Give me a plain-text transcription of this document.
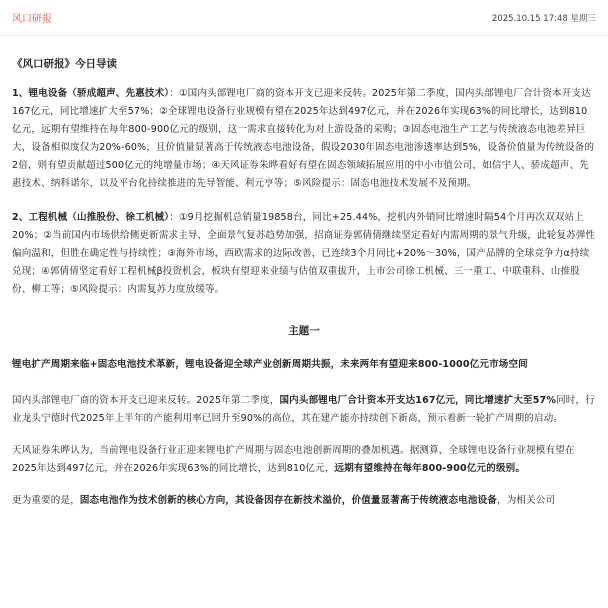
风口研报	2025.10.15 17:48 星期三
《风口研报》今日导读

1、锂电设备（骄成超声、先惠技术）：①国内头部锂电厂商的资本开支已迎来反转。2025年第二季度，国内头部锂电厂合计资本开支达167亿元，同比增速扩大至57%；②全球锂电设备行业规模有望在2025年达到497亿元，并在2026年实现63%的同比增长，达到810亿元，远期有望维持在每年800-900亿元的级别，这一需求直接转化为对上游设备的采购；③固态电池生产工艺与传统液态电池差异巨大，设备相似度仅为20%-60%，且价值量显著高于传统液态电池设备，假设2030年固态电池渗透率达到5%，设备价值量为传统设备的2倍，则有望贡献超过500亿元的纯增量市场；④天风证券朱晔看好有望在固态领域拓展应用的中小市值公司，如信宇人、骄成超声、先惠技术、纳科诺尔，以及平台化持续推进的先导智能、利元亨等；⑤风险提示：固态电池技术发展不及预期。

2、工程机械（山推股份、徐工机械）：①9月挖掘机总销量19858台，同比+25.44%，挖机内外销同比增速时隔54个月再次双双站上20%；②当前国内市场供给侧更新需求主导，全面景气复苏趋势加强，招商证券郭倩倩继续坚定看好内需周期的景气升级，此轮复苏弹性偏向温和，但胜在确定性与持续性；③海外市场，西欧需求的边际改善，已连续3个月同比+20%～30%，国产品牌的全球竞争力α持续兑现；④郭倩倩坚定看好工程机械β投资机会，板块有望迎来业绩与估值双重拔升，上市公司徐工机械、三一重工、中联重科、山推股份、柳工等；⑤风险提示：内需复苏力度放缓等。

主题一

锂电扩产周期来临+固态电池技术革新，锂电设备迎全球产业创新周期共振，未来两年有望迎来800-1000亿元市场空间

国内头部锂电厂商的资本开支已迎来反转。2025年第二季度，国内头部锂电厂合计资本开支达167亿元，同比增速扩大至57%同时，行业龙头宁德时代2025年上半年的产能利用率已回升至90%的高位，其在建产能亦持续创下新高，预示着新一轮扩产周期的启动。

天风证券朱晔认为，当前锂电设备行业正迎来锂电扩产周期与固态电池创新周期的叠加机遇。据测算，全球锂电设备行业规模有望在2025年达到497亿元，并在2026年实现63%的同比增长，达到810亿元，远期有望维持在每年800-900亿元的级别。

更为重要的是，固态电池作为技术创新的核心方向，其设备因存在新技术溢价，价值量显著高于传统液态电池设备，为相关公司
